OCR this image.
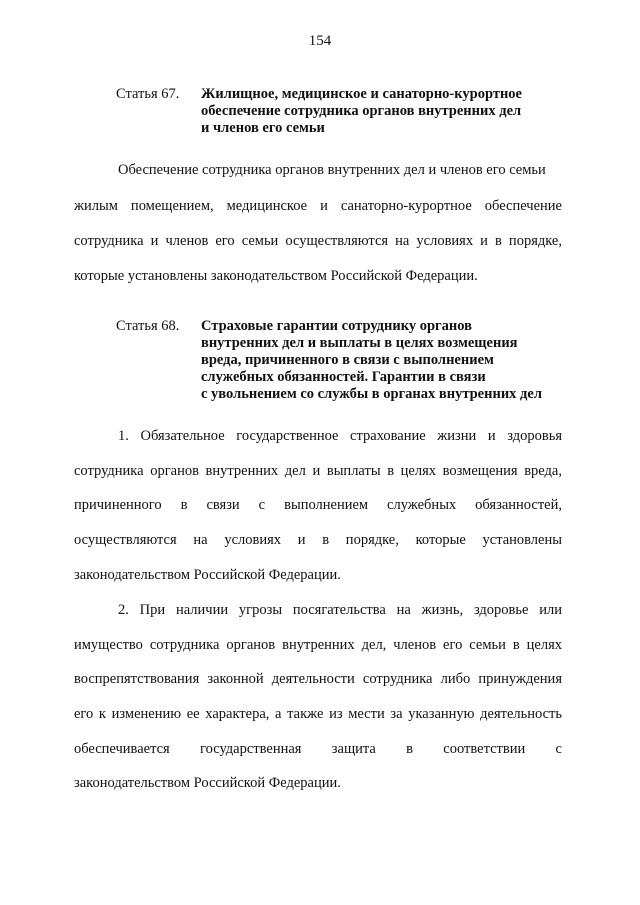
154
Статья 67. Жилищное, медицинское и санаторно-курортное
обеспечение сотрудника органов внутренних дел
и членов его семьи
Обеспечение сотрудника органов внутренних дел и членов его семьи
жилым помещением, медицинское и санаторно-курортное обеспечение
сотрудника и членов его семьи осуществляются на условиях и в порядке,
которые установлены законодательством Российской Федерации.
Статья 68. Страховые гарантии сотруднику органов
внутренних дел и выплаты в целях возмещения
вреда, причиненного в связи с выполнением
служебных обязанностей. Гарантии в связи
с увольнением со службы в органах внутренних дел
1. Обязательное государственное страхование жизни и здоровья
сотрудника органов внутренних дел и выплаты в целях возмещения вреда,
причиненного в связи с выполнением служебных обязанностей,
осуществляются на условиях и в порядке, которые установлены
законодательством Российской Федерации.
2. При наличии угрозы посягательства на жизнь, здоровье или
имущество сотрудника органов внутренних дел, членов его семьи в целях
воспрепятствования законной деятельности сотрудника либо принуждения
его к изменению ее характера, а также из мести за указанную деятельность
обеспечивается государственная защита в соответствии с
законодательством Российской Федерации.
